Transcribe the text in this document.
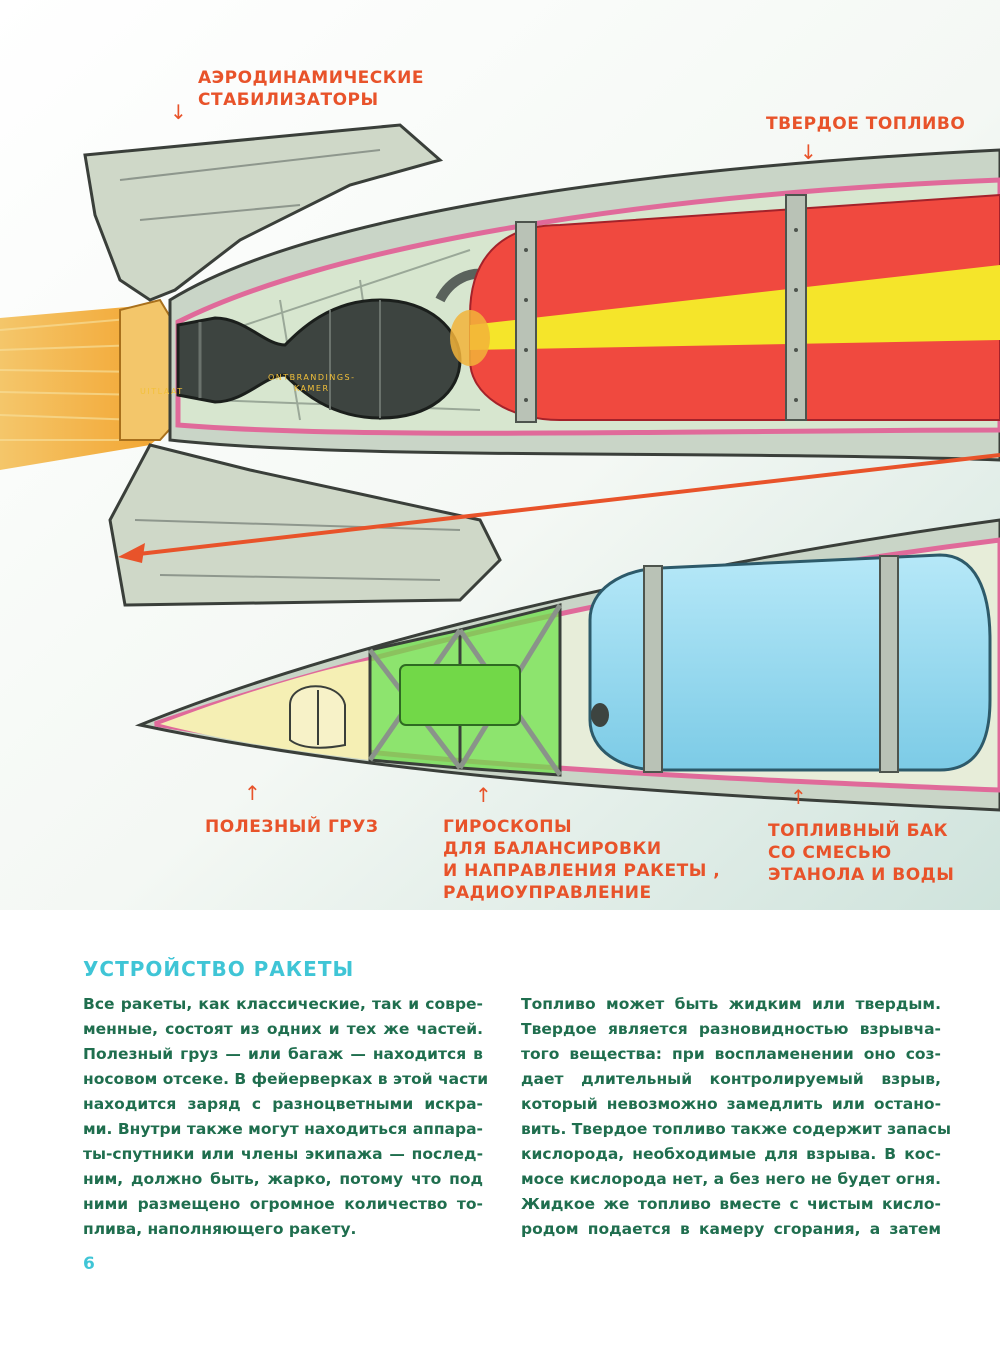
АЭРОДИНАМИЧЕСКИЕ
СТАБИЛИЗАТОРЫ
↓	ТВЕРДОЕ ТОПЛИВО
↓
UITLAAT
ONTBRANDINGS-
KAMER
↑
ПОЛЕЗНЫЙ ГРУЗ
↑
ГИРОСКОПЫ
ДЛЯ БАЛАНСИРОВКИ
И НАПРАВЛЕНИЯ РАКЕТЫ ,
РАДИОУПРАВЛЕНИЕ
↑
ТОПЛИВНЫЙ БАК
СО СМЕСЬЮ
ЭТАНОЛА И ВОДЫ
УСТРОЙСТВО РАКЕТЫ
Все ракеты, как классические, так и совре-
менные, состоят из одних и тех же частей.
Полезный груз — или багаж — находится в
носовом отсеке. В фейерверках в этой части
находится заряд с разноцветными искра-
ми. Внутри также могут находиться аппара-
ты-спутники или члены экипажа — послед-
ним, должно быть, жарко, потому что под
ними размещено огромное количество то-
плива, наполняющего ракету.
Топливо может быть жидким или твердым.
Твердое является разновидностью взрывча-
того вещества: при воспламенении оно соз-
дает длительный контролируемый взрыв,
который невозможно замедлить или остано-
вить. Твердое топливо также содержит запасы
кислорода, необходимые для взрыва. В кос-
мосе кислорода нет, а без него не будет огня.
Жидкое же топливо вместе с чистым кисло-
родом подается в камеру сгорания, а затем
6
